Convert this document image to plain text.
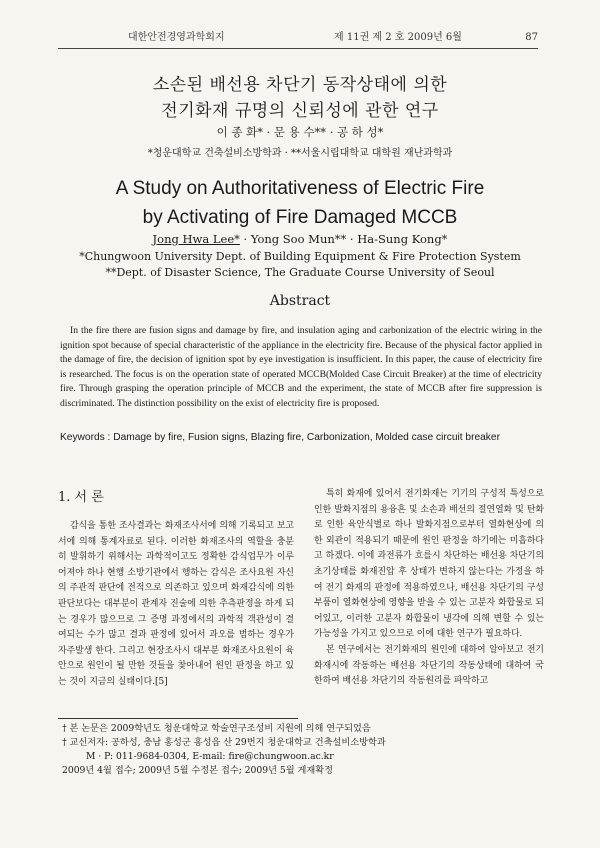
대한안전경영과학회지	제 11권 제 2 호 2009년 6월	87
소손된 배선용 차단기 동작상태에 의한
전기화재 규명의 신뢰성에 관한 연구
이 종 화* · 문 용 수** · 공 하 성*
*청운대학교 건축설비소방학과 · **서울시립대학교 대학원 재난과학과
A Study on Authoritativeness of Electric Fire
by Activating of Fire Damaged MCCB
Jong Hwa Lee* · Yong Soo Mun** · Ha-Sung Kong*
*Chungwoon University Dept. of Building Equipment & Fire Protection System
**Dept. of Disaster Science, The Graduate Course University of Seoul
Abstract
In the fire there are fusion signs and damage by fire, and insulation aging and carbonization of the electric wiring in the ignition spot because of special characteristic of the appliance in the electricity fire. Because of the physical factor applied in the damage of fire, the decision of ignition spot by eye investigation is insufficient. In this paper, the cause of electricity fire is researched. The focus is on the operation state of operated MCCB(Molded Case Circuit Breaker) at the time of electricity fire. Through grasping the operation principle of MCCB and the experiment, the state of MCCB after fire suppression is discriminated. The distinction possibility on the exist of electricity fire is proposed.
Keywords : Damage by fire, Fusion signs, Blazing fire, Carbonization, Molded case circuit breaker
1. 서 론

감식을 통한 조사결과는 화재조사서에 의해 기록되고 보고서에 의해 통계자료로 된다. 이러한 화재조사의 역할을 충분히 발휘하기 위해서는 과학적이고도 정확한 감식업무가 이루어져야 하나 현행 소방기관에서 행하는 감식은 조사요원 자신의 주관적 판단에 전적으로 의존하고 있으며 화재감식에 의한 판단보다는 대부분이 관계자 진술에 의한 추측판정을 하게 되는 경우가 많으므로 그 증명 과정에서의 과학적 객관성이 결여되는 수가 많고 결과 판정에 있어서 과오를 범하는 경우가 자주발생 한다. 그리고 현장조사시 대부분 화재조사요원이 육안으로 원인이 될 만한 것들을 찾아내어 원인 판정을 하고 있는 것이 지금의 실태이다.[5]

특히 화재에 있어서 전기화재는 기기의 구성적 특성으로 인한 발화지점의 용융흔 및 소손과 배선의 절연열화 및 탄화로 인한 육안식별로 하나 발화지점으로부터 열화현상에 의한 외관이 적용되기 때문에 원인 판정을 하기에는 미흡하다고 하겠다. 이에 과전류가 흐를시 차단하는 배선용 차단기의 초기상태를 화재진압 후 상태가 변하지 않는다는 가정을 하여 전기 화재의 판정에 적용하였으나, 배선용 차단기의 구성부품이 열화현상에 영향을 받을 수 있는 고분자 화합물로 되어있고, 이러한 고분자 화합물이 냉각에 의해 변할 수 있는 가능성을 가지고 있으므로 이에 대한 연구가 필요하다.

본 연구에서는 전기화재의 원인에 대하여 알아보고 전기화재시에 작동하는 배선용 차단기의 작동상태에 대하여 국한하여 배선용 차단기의 작동원리를 파악하고

† 본 논문은 2009학년도 청운대학교 학술연구조성비 지원에 의해 연구되었음
† 교신저자: 공하성, 충남 홍성군 홍성읍 산 29번지 청운대학교 건축설비소방학과
M · P: 011-9684-0304, E-mail: fire@chungwoon.ac.kr
2009년 4월 접수; 2009년 5월 수정본 접수; 2009년 5월 게재확정
